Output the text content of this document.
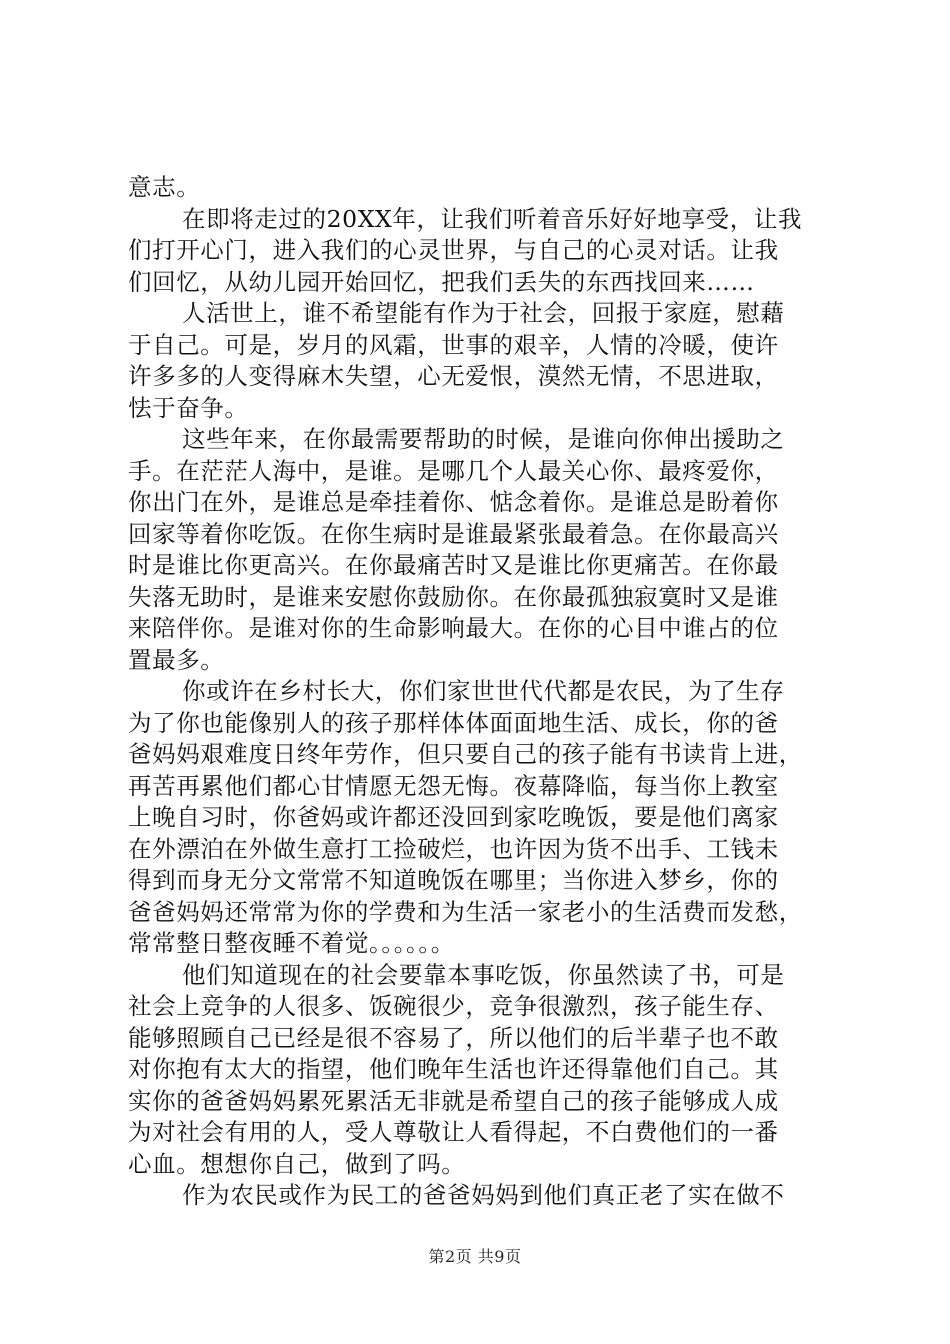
意志。

在即将走过的20XX年，让我们听着音乐好好地享受，让我
们打开心门，进入我们的心灵世界，与自己的心灵对话。让我
们回忆，从幼儿园开始回忆，把我们丢失的东西找回来……

人活世上，谁不希望能有作为于社会，回报于家庭，慰藉
于自己。可是，岁月的风霜，世事的艰辛，人情的冷暖，使许
许多多的人变得麻木失望，心无爱恨，漠然无情，不思进取，
怯于奋争。

这些年来，在你最需要帮助的时候，是谁向你伸出援助之
手。在茫茫人海中，是谁。是哪几个人最关心你、最疼爱你，
你出门在外，是谁总是牵挂着你、惦念着你。是谁总是盼着你
回家等着你吃饭。在你生病时是谁最紧张最着急。在你最高兴
时是谁比你更高兴。在你最痛苦时又是谁比你更痛苦。在你最
失落无助时，是谁来安慰你鼓励你。在你最孤独寂寞时又是谁
来陪伴你。是谁对你的生命影响最大。在你的心目中谁占的位
置最多。

你或许在乡村长大，你们家世世代代都是农民，为了生存
为了你也能像别人的孩子那样体体面面地生活、成长，你的爸
爸妈妈艰难度日终年劳作，但只要自己的孩子能有书读肯上进，
再苦再累他们都心甘情愿无怨无悔。夜幕降临，每当你上教室
上晚自习时，你爸妈或许都还没回到家吃晚饭，要是他们离家
在外漂泊在外做生意打工捡破烂，也许因为货不出手、工钱未
得到而身无分文常常不知道晚饭在哪里；当你进入梦乡，你的
爸爸妈妈还常常为你的学费和为生活一家老小的生活费而发愁，
常常整日整夜睡不着觉。。。。。。

他们知道现在的社会要靠本事吃饭，你虽然读了书，可是
社会上竞争的人很多、饭碗很少，竞争很激烈，孩子能生存、
能够照顾自己已经是很不容易了，所以他们的后半辈子也不敢
对你抱有太大的指望，他们晚年生活也许还得靠他们自己。其
实你的爸爸妈妈累死累活无非就是希望自己的孩子能够成人成
为对社会有用的人，受人尊敬让人看得起，不白费他们的一番
心血。想想你自己，做到了吗。

作为农民或作为民工的爸爸妈妈到他们真正老了实在做不

第2页 共9页
